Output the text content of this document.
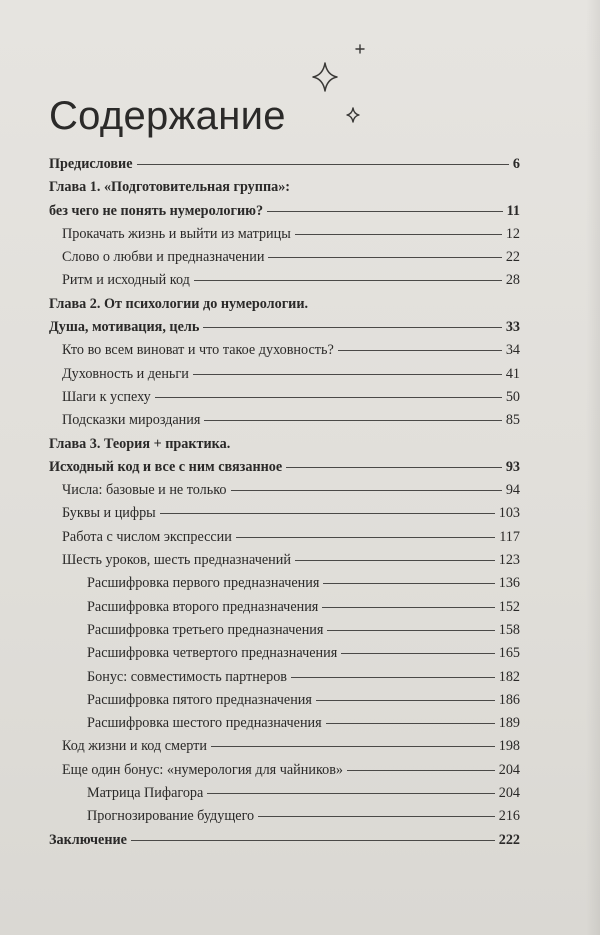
Содержание
Предисловие	6
Глава 1. «Подготовительная группа»:
без чего не понять нумерологию?	11
Прокачать жизнь и выйти из матрицы	12
Слово о любви и предназначении	22
Ритм и исходный код	28
Глава 2. От психологии до нумерологии.
Душа, мотивация, цель	33
Кто во всем виноват и что такое духовность?	34
Духовность и деньги	41
Шаги к успеху	50
Подсказки мироздания	85
Глава 3. Теория + практика.
Исходный код и все с ним связанное	93
Числа: базовые и не только	94
Буквы и цифры	103
Работа с числом экспрессии	117
Шесть уроков, шесть предназначений	123
Расшифровка первого предназначения	136
Расшифровка второго предназначения	152
Расшифровка третьего предназначения	158
Расшифровка четвертого предназначения	165
Бонус: совместимость партнеров	182
Расшифровка пятого предназначения	186
Расшифровка шестого предназначения	189
Код жизни и код смерти	198
Еще один бонус: «нумерология для чайников»	204
Матрица Пифагора	204
Прогнозирование будущего	216
Заключение	222
